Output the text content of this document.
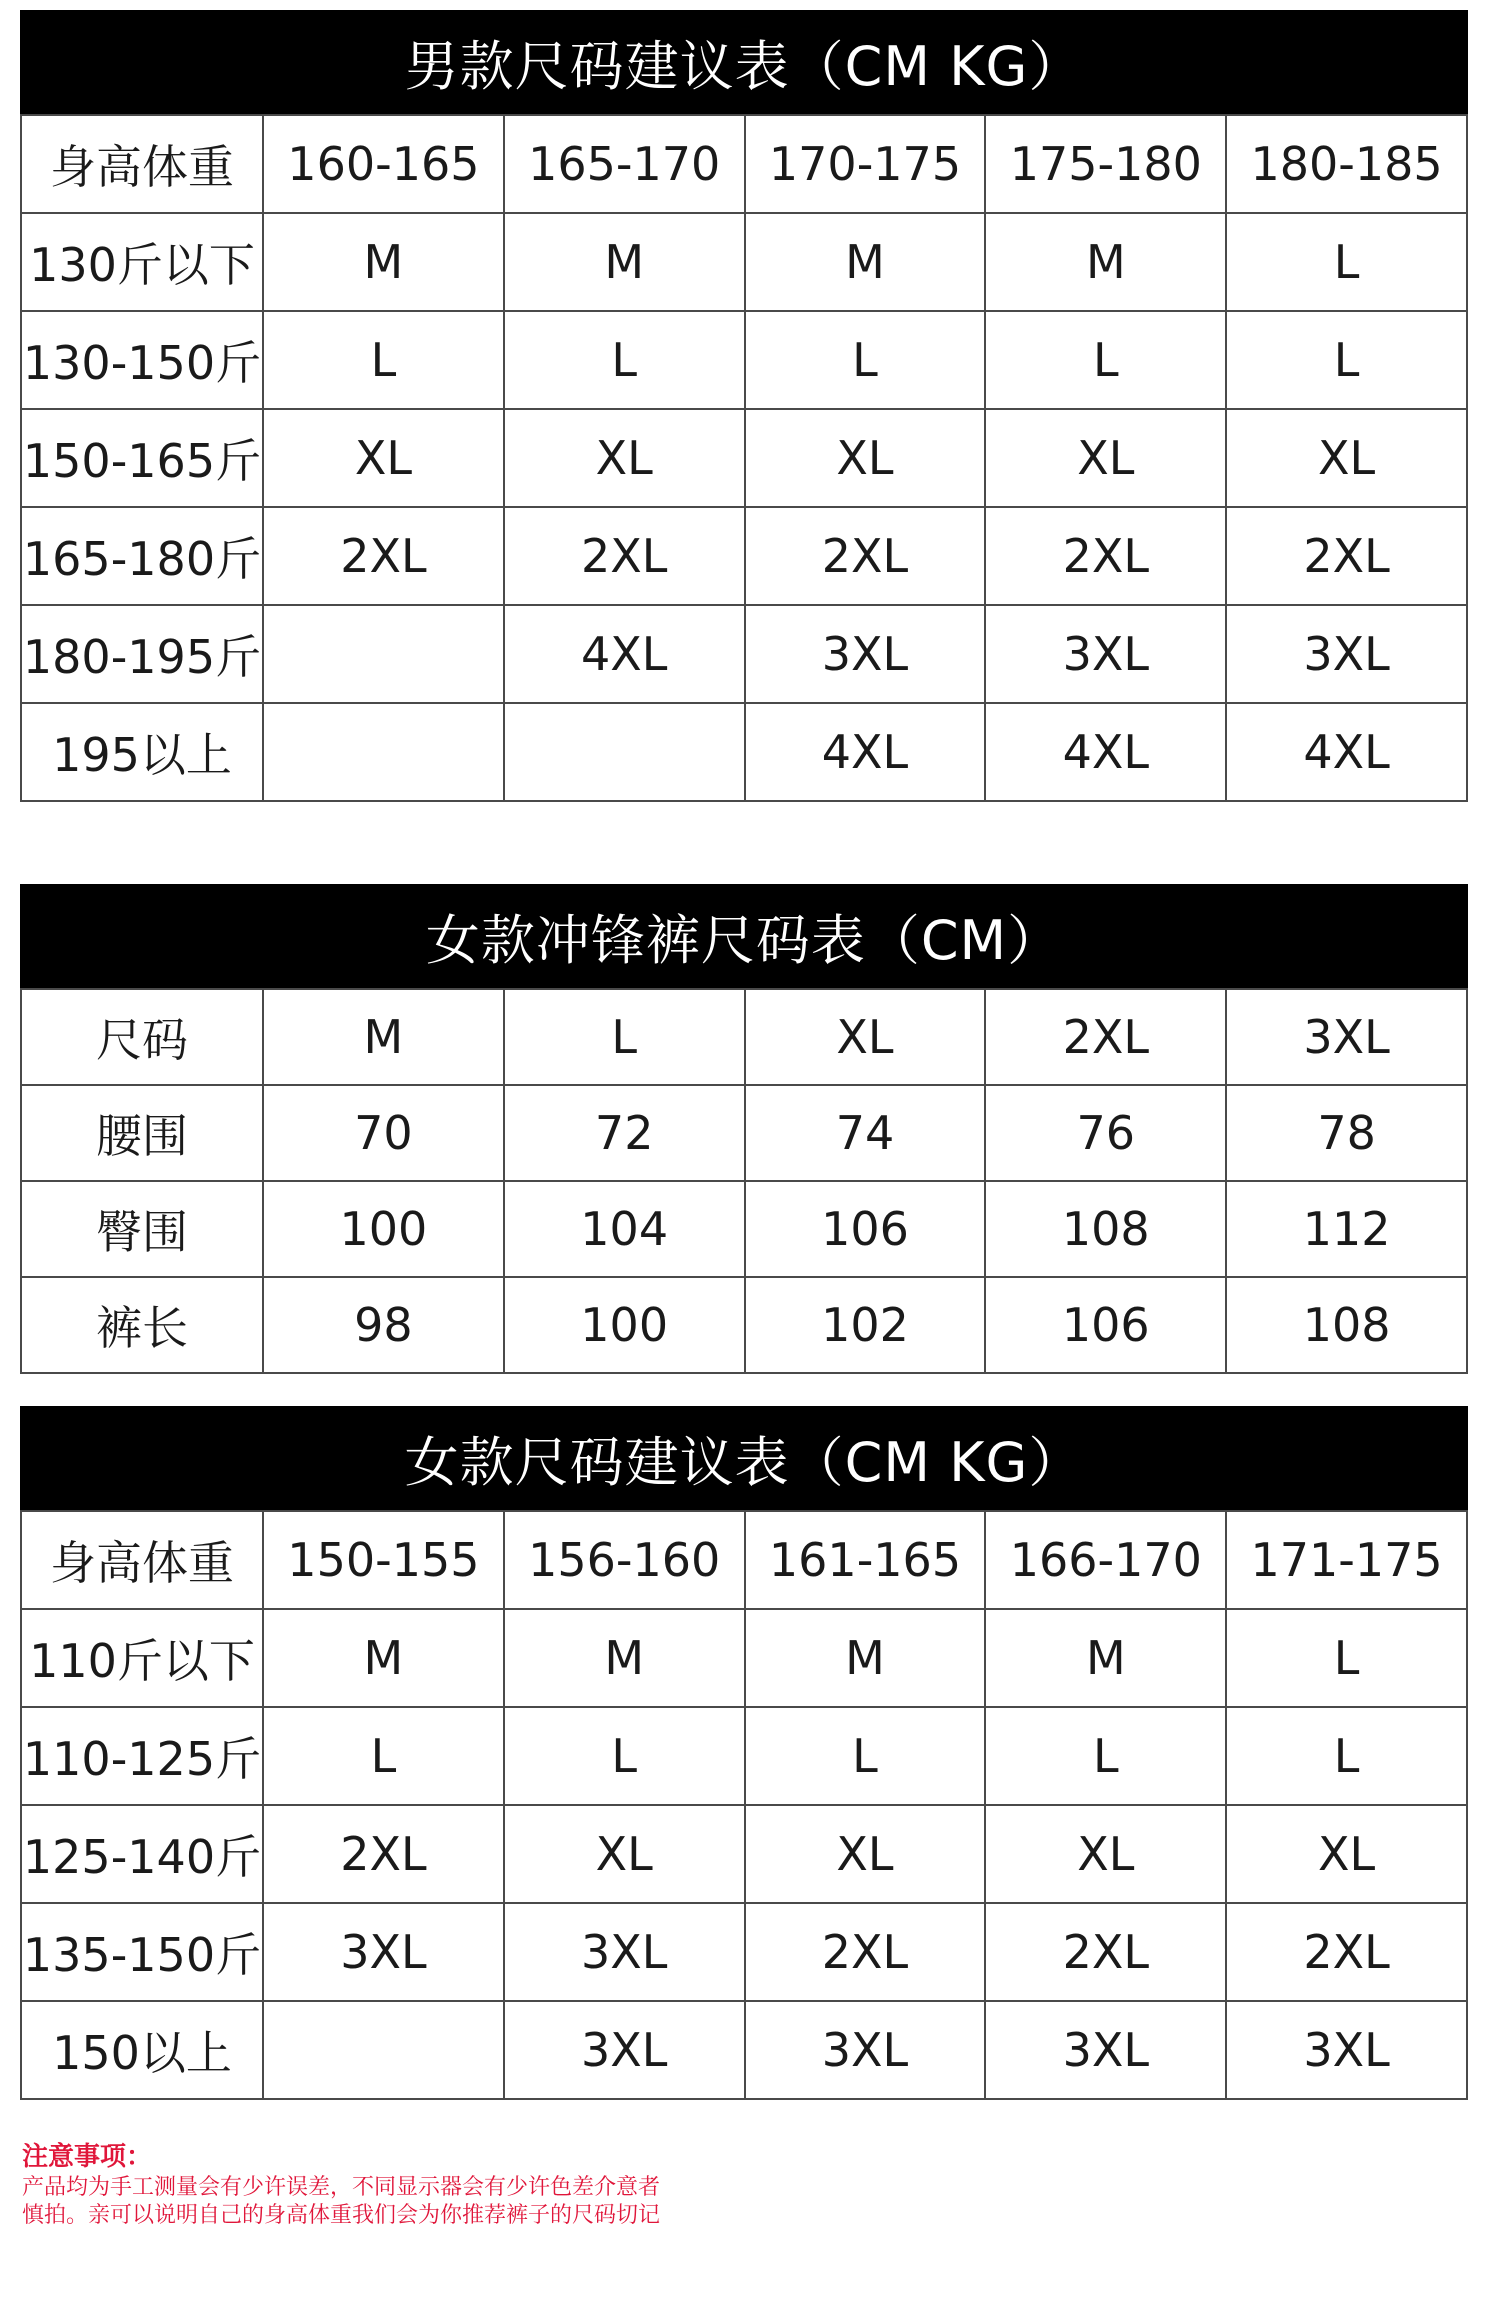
男款尺码建议表（CM KG）
身高体重	160-165	165-170	170-175	175-180	180-185
130斤以下	M	M	M	M	L
130-150斤	L	L	L	L	L
150-165斤	XL	XL	XL	XL	XL
165-180斤	2XL	2XL	2XL	2XL	2XL
180-195斤		4XL	3XL	3XL	3XL
195以上			4XL	4XL	4XL
女款冲锋裤尺码表（CM）
尺码	M	L	XL	2XL	3XL
腰围	70	72	74	76	78
臀围	100	104	106	108	112
裤长	98	100	102	106	108
女款尺码建议表（CM KG）
身高体重	150-155	156-160	161-165	166-170	171-175
110斤以下	M	M	M	M	L
110-125斤	L	L	L	L	L
125-140斤	2XL	XL	XL	XL	XL
135-150斤	3XL	3XL	2XL	2XL	2XL
150以上		3XL	3XL	3XL	3XL
注意事项：
产品均为手工测量会有少许误差，不同显示器会有少许色差介意者
慎拍。亲可以说明自己的身高体重我们会为你推荐裤子的尺码切记
